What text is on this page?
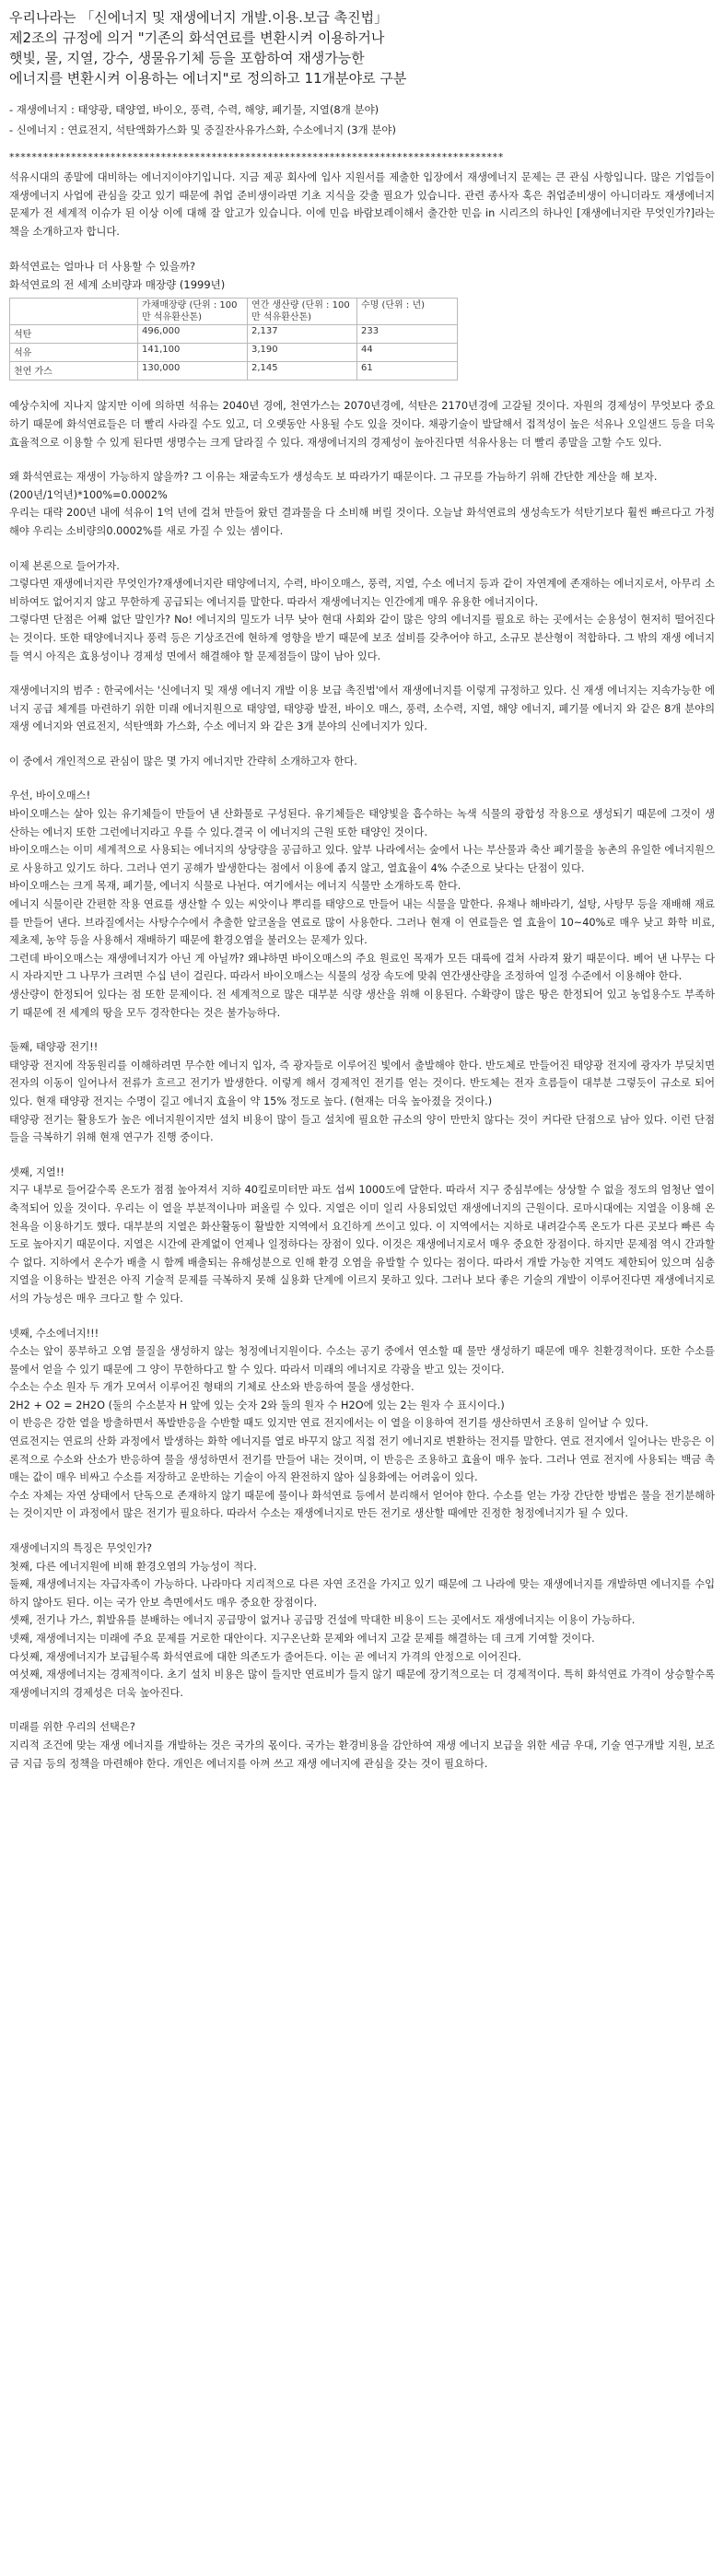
우리나라는 「신에너지 및 재생에너지 개발.이용.보급 촉진법」
제2조의 규정에 의거 "기존의 화석연료를 변환시켜 이용하거나
햇빛, 물, 지열, 강수, 생물유기체 등을 포함하여 재생가능한
에너지를 변환시켜 이용하는 에너지"로 정의하고 11개분야로 구분
- 재생에너지 : 태양광, 태양열, 바이오, 풍력, 수력, 해양, 폐기물, 지열(8개 분야)
- 신에너지 : 연료전지, 석탄액화가스화 및 중질잔사유가스화, 수소에너지 (3개 분야)
****************************************************************************************

석유시대의 종말에 대비하는 에너지이야기입니다. 지금 제공 회사에 입사 지원서를 제출한 입장에서 재생에너지 문제는 큰 관심 사항입니다. 많은 기업들이 재생에너지 사업에 관심을 갖고 있기 때문에 취업 준비생이라면 기초 지식을 갖출 필요가 있습니다. 관련 종사자 혹은 취업준비생이 아니더라도 재생에너지 문제가 전 세계적 이슈가 된 이상 이에 대해 잘 알고가 있습니다. 이에 민음 바람보레이해서 출간한 민음 in 시리즈의 하나인 [재생에너지란 무엇인가?]라는 책을 소개하고자 합니다.

화석연료는 얼마나 더 사용할 수 있을까?

화석연료의 전 세계 소비량과 매장량 (1999년)

	가채매장량 (단위 : 100만 석유환산톤)	연간 생산량 (단위 : 100만 석유환산톤)	수명 (단위 : 년)
석탄	496,000	2,137	233
석유	141,100	3,190	44
천연 가스	130,000	2,145	61

예상수치에 지나지 않지만 이에 의하면 석유는 2040년 경에, 천연가스는 2070년경에, 석탄은 2170년경에 고갈될 것이다. 자원의 경제성이 무엇보다 중요하기 때문에 화석연료들은 더 빨리 사라질 수도 있고, 더 오랫동안 사용될 수도 있을 것이다. 채광기술이 발달해서 접적성이 높은 석유나 오일샌드 등을 더욱 효율적으로 이용할 수 있게 된다면 생명수는 크게 달라질 수 있다. 재생에너지의 경제성이 높아진다면 석유사용는 더 빨리 종말을 고할 수도 있다.

왜 화석연료는 재생이 가능하지 않을까? 그 이유는 채굴속도가 생성속도 보 따라가기 때문이다. 그 규모를 가늠하기 위해 간단한 계산을 해 보자.

(200년/1억년)*100%=0.0002%

우리는 대략 200년 내에 석유이 1억 년에 걸쳐 만들어 왔던 결과물을 다 소비해 버릴 것이다. 오늘날 화석연료의 생성속도가 석탄기보다 훨씬 빠르다고 가정해야 우리는 소비량의0.0002%를 새로 가질 수 있는 셈이다.

이제 본론으로 들어가자.
그렇다면 재생에너지란 무엇인가?재생에너지란 태양에너지, 수력, 바이오매스, 풍력, 지열, 수소 에너지 등과 같이 자연계에 존재하는 에너지로서, 아무리 소비하여도 없어지지 않고 무한하게 공급되는 에너지를 말한다. 따라서 재생에너지는 인간에게 매우 유용한 에너지이다.
그렇다면 단점은 어째 없단 말인가? No! 에너지의 밀도가 너무 낮아 현대 사회와 같이 많은 양의 에너지를 필요로 하는 곳에서는 순용성이 현저히 떨어진다는 것이다. 또한 태양에너지나 풍력 등은 기상조건에 현하계 영향을 받기 때문에 보조 설비를 갖추어야 하고, 소규모 분산형이 적합하다. 그 밖의 재생 에너지들 역시 아직은 효용성이나 경제성 면에서 해결해야 할 문제점들이 많이 남아 있다.

재생에너지의 범주 : 한국에서는 '신에너지 및 재생 에너지 개발 이용 보급 촉진법'에서 재생에너지를 이렇게 규정하고 있다. 신 재생 에너지는 지속가능한 에너지 공급 체계를 마련하기 위한 미래 에너지원으로 태양열, 태양광 발전, 바이오 매스, 풍력, 소수력, 지열, 해양 에너지, 폐기물 에너지 와 같은 8개 분야의 재생 에너지와 연료전지, 석탄액화 가스화, 수소 에너지 와 같은 3개 분야의 신에너지가 있다.

이 중에서 개인적으로 관심이 많은 몇 가지 에너지만 간략히 소개하고자 한다.

우선, 바이오매스!
바이오매스는 살아 있는 유기체들이 만들어 낸 산화물로 구성된다. 유기체들은 태양빛을 흡수하는 녹색 식물의 광합성 작용으로 생성되기 때문에 그것이 생산하는 에너지 또한 그런에너지라고 우를 수 있다.결국 이 에너지의 근원 또한 태양인 것이다.
바이오매스는 이미 세계적으로 사용되는 에너지의 상당량을 공급하고 있다. 앞부 나라에서는 숲에서 나는 부산물과 축산 폐기물을 농촌의 유일한 에너지원으로 사용하고 있기도 하다. 그러나 연기 공해가 발생한다는 점에서 이용에 좀지 않고, 열효율이 4% 수준으로 낮다는 단점이 있다.
바이오매스는 크게 목재, 폐기물, 에너지 식물로 나뉜다. 여기에서는 에너지 식물만 소개하도록 한다.
에너지 식물이란 간편한 작용 연료를 생산할 수 있는 씨앗이나 뿌리를 태양으로 만들어 내는 식물을 말한다. 유채나 해바라기, 설탕, 사탕무 등을 재배해 재료를 만들어 낸다. 브라질에서는 사탕수수에서 추출한 알코올을 연료로 많이 사용한다. 그러나 현재 이 연료들은 열 효율이 10~40%로 매우 낮고 화학 비료, 제초제, 농약 등을 사용해서 재배하기 때문에 환경오염을 불러오는 문제가 있다.
그런데 바이오매스는 재생에너지가 아닌 게 아닐까? 왜냐하면 바이오매스의 주요 원료인 목재가 모든 대륙에 걸쳐 사라져 왔기 때문이다. 베어 낸 나무는 다시 자라지만 그 나무가 크려면 수십 년이 걸린다. 따라서 바이오매스는 식물의 성장 속도에 맞춰 연간생산량을 조정하여 일정 수준에서 이용해야 한다.
생산량이 한정되어 있다는 점 또한 문제이다. 전 세계적으로 많은 대부분 식량 생산을 위해 이용된다. 수확량이 많은 땅은 한정되어 있고 농업용수도 부족하기 때문에 전 세계의 땅을 모두 경작한다는 것은 불가능하다.

둘째, 태양광 전기!!
태양광 전지에 작동원리를 이해하려면 무수한 에너지 입자, 즉 광자들로 이루어진 빛에서 출발해야 한다. 반도체로 만들어진 태양광 전지에 광자가 부딪치면 전자의 이동이 일어나서 전류가 흐르고 전기가 발생한다. 이렇게 해서 경제적인 전기를 얻는 것이다. 반도체는 전자 흐름들이 대부분 그렇듯이 규소로 되어 있다. 현재 태양광 전지는 수명이 길고 에너지 효율이 약 15% 정도로 높다. (현재는 더욱 높아졌을 것이다.)
태양광 전기는 활용도가 높은 에너지원이지만 설치 비용이 많이 들고 설치에 필요한 규소의 양이 만만치 않다는 것이 커다란 단점으로 남아 있다. 이런 단점들을 극복하기 위해 현재 연구가 진행 중이다.

셋째, 지열!!
지구 내부로 들어갈수록 온도가 점점 높아져서 지하 40킬로미터만 파도 섭씨 1000도에 달한다. 따라서 지구 중심부에는 상상할 수 없을 정도의 엄청난 열이 축적되어 있을 것이다. 우리는 이 열을 부분적이나마 퍼올릴 수 있다. 지열은 이미 일리 사용되었던 재생에너지의 근원이다. 로마시대에는 지열을 이용해 온천욕을 이용하기도 했다. 대부분의 지열은 화산활동이 활발한 지역에서 요긴하게 쓰이고 있다. 이 지역에서는 지하로 내려갈수록 온도가 다른 곳보다 빠른 속도로 높아지기 때문이다. 지열은 시간에 관계없이 언제나 일정하다는 장점이 있다. 이것은 재생에너지로서 매우 중요한 장점이다. 하지만 문제점 역시 간과할 수 없다. 지하에서 온수가 배출 시 함께 배출되는 유해성분으로 인해 환경 오염을 유발할 수 있다는 점이다. 따라서 개발 가능한 지역도 제한되어 있으며 심층 지열을 이용하는 발전은 아직 기술적 문제를 극복하지 못해 실용화 단계에 이르지 못하고 있다. 그러나 보다 좋은 기술의 개발이 이루어진다면 재생에너지로서의 가능성은 매우 크다고 할 수 있다.

넷째, 수소에너지!!!
수소는 앞이 풍부하고 오염 물질을 생성하지 않는 청정에너지원이다. 수소는 공기 중에서 연소할 때 물만 생성하기 때문에 매우 친환경적이다. 또한 수소를 물에서 얻을 수 있기 때문에 그 양이 무한하다고 할 수 있다. 따라서 미래의 에너지로 각광을 받고 있는 것이다.
수소는 수소 원자 두 개가 모여서 이루어진 형태의 기체로 산소와 반응하여 물을 생성한다.
2H2 + O2 = 2H2O (둘의 수소분자 H 앞에 있는 숫자 2와 둘의 원자 수 H2O에 있는 2는 원자 수 표시이다.)
이 반응은 강한 열을 방출하면서 폭발반응을 수반할 때도 있지만 연료 전지에서는 이 열을 이용하여 전기를 생산하면서 조용히 일어날 수 있다.
연료전지는 연료의 산화 과정에서 발생하는 화학 에너지를 열로 바꾸지 않고 직접 전기 에너지로 변환하는 전지를 말한다. 연료 전지에서 일어나는 반응은 이론적으로 수소와 산소가 반응하여 물을 생성하면서 전기를 만들어 내는 것이며, 이 반응은 조용하고 효율이 매우 높다. 그러나 연료 전지에 사용되는 백금 촉매는 값이 매우 비싸고 수소를 저장하고 운반하는 기술이 아직 완전하지 않아 실용화에는 어려움이 있다.
수소 자체는 자연 상태에서 단독으로 존재하지 않기 때문에 물이나 화석연료 등에서 분리해서 얻어야 한다. 수소를 얻는 가장 간단한 방법은 물을 전기분해하는 것이지만 이 과정에서 많은 전기가 필요하다. 따라서 수소는 재생에너지로 만든 전기로 생산할 때에만 진정한 청정에너지가 될 수 있다.

재생에너지의 특징은 무엇인가?
첫째, 다른 에너지원에 비해 환경오염의 가능성이 적다.
둘째, 재생에너지는 자급자족이 가능하다. 나라마다 지리적으로 다른 자연 조건을 가지고 있기 때문에 그 나라에 맞는 재생에너지를 개발하면 에너지를 수입하지 않아도 된다. 이는 국가 안보 측면에서도 매우 중요한 장점이다.
셋째, 전기나 가스, 휘발유를 분배하는 에너지 공급망이 없거나 공급망 건설에 막대한 비용이 드는 곳에서도 재생에너지는 이용이 가능하다.
넷째, 재생에너지는 미래에 주요 문제를 거로한 대안이다. 지구온난화 문제와 에너지 고갈 문제를 해결하는 데 크게 기여할 것이다.
다섯째, 재생에너지가 보급될수록 화석연료에 대한 의존도가 줄어든다. 이는 곧 에너지 가격의 안정으로 이어진다.
여섯째, 재생에너지는 경제적이다. 초기 설치 비용은 많이 들지만 연료비가 들지 않기 때문에 장기적으로는 더 경제적이다. 특히 화석연료 가격이 상승할수록 재생에너지의 경제성은 더욱 높아진다.

미래를 위한 우리의 선택은?
지리적 조건에 맞는 재생 에너지를 개발하는 것은 국가의 몫이다. 국가는 환경비용을 감안하여 재생 에너지 보급을 위한 세금 우대, 기술 연구개발 지원, 보조금 지급 등의 정책을 마련해야 한다. 개인은 에너지를 아껴 쓰고 재생 에너지에 관심을 갖는 것이 필요하다.
